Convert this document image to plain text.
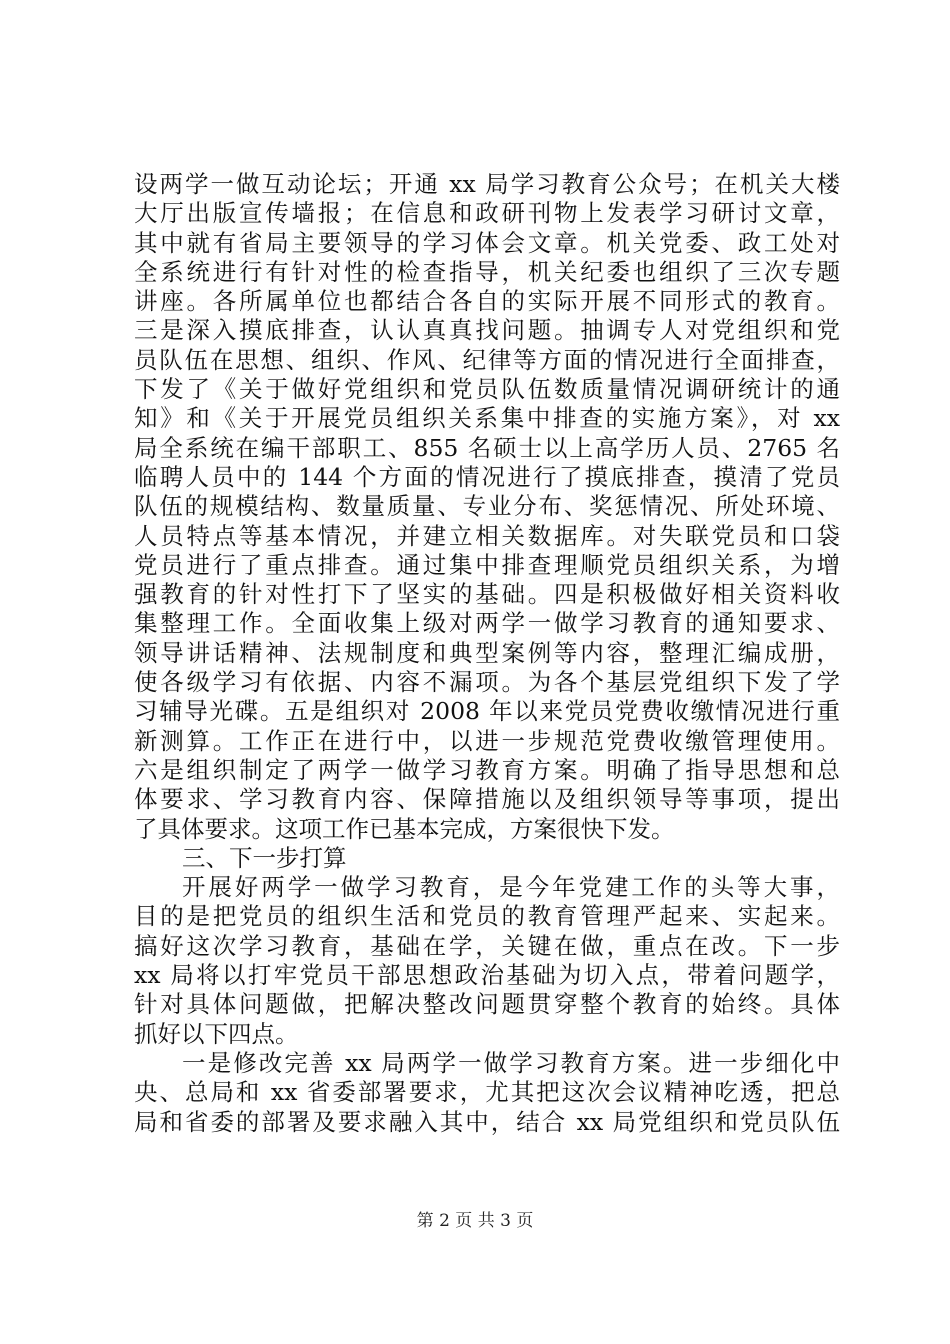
设两学一做互动论坛；开通 xx 局学习教育公众号；在机关大楼
大厅出版宣传墙报；在信息和政研刊物上发表学习研讨文章，
其中就有省局主要领导的学习体会文章。机关党委、政工处对
全系统进行有针对性的检查指导，机关纪委也组织了三次专题
讲座。各所属单位也都结合各自的实际开展不同形式的教育。
三是深入摸底排查，认认真真找问题。抽调专人对党组织和党
员队伍在思想、组织、作风、纪律等方面的情况进行全面排查，
下发了《关于做好党组织和党员队伍数质量情况调研统计的通
知》和《关于开展党员组织关系集中排查的实施方案》，对 xx
局全系统在编干部职工、855 名硕士以上高学历人员、2765 名
临聘人员中的 144 个方面的情况进行了摸底排查，摸清了党员
队伍的规模结构、数量质量、专业分布、奖惩情况、所处环境、
人员特点等基本情况，并建立相关数据库。对失联党员和口袋
党员进行了重点排查。通过集中排查理顺党员组织关系，为增
强教育的针对性打下了坚实的基础。四是积极做好相关资料收
集整理工作。全面收集上级对两学一做学习教育的通知要求、
领导讲话精神、法规制度和典型案例等内容，整理汇编成册，
使各级学习有依据、内容不漏项。为各个基层党组织下发了学
习辅导光碟。五是组织对 2008 年以来党员党费收缴情况进行重
新测算。工作正在进行中，以进一步规范党费收缴管理使用。
六是组织制定了两学一做学习教育方案。明确了指导思想和总
体要求、学习教育内容、保障措施以及组织领导等事项，提出
了具体要求。这项工作已基本完成，方案很快下发。
三、下一步打算
开展好两学一做学习教育，是今年党建工作的头等大事，
目的是把党员的组织生活和党员的教育管理严起来、实起来。
搞好这次学习教育，基础在学，关键在做，重点在改。下一步
xx 局将以打牢党员干部思想政治基础为切入点，带着问题学，
针对具体问题做，把解决整改问题贯穿整个教育的始终。具体
抓好以下四点。
一是修改完善 xx 局两学一做学习教育方案。进一步细化中
央、总局和 xx 省委部署要求，尤其把这次会议精神吃透，把总
局和省委的部署及要求融入其中，结合 xx 局党组织和党员队伍
第 2 页 共 3 页
